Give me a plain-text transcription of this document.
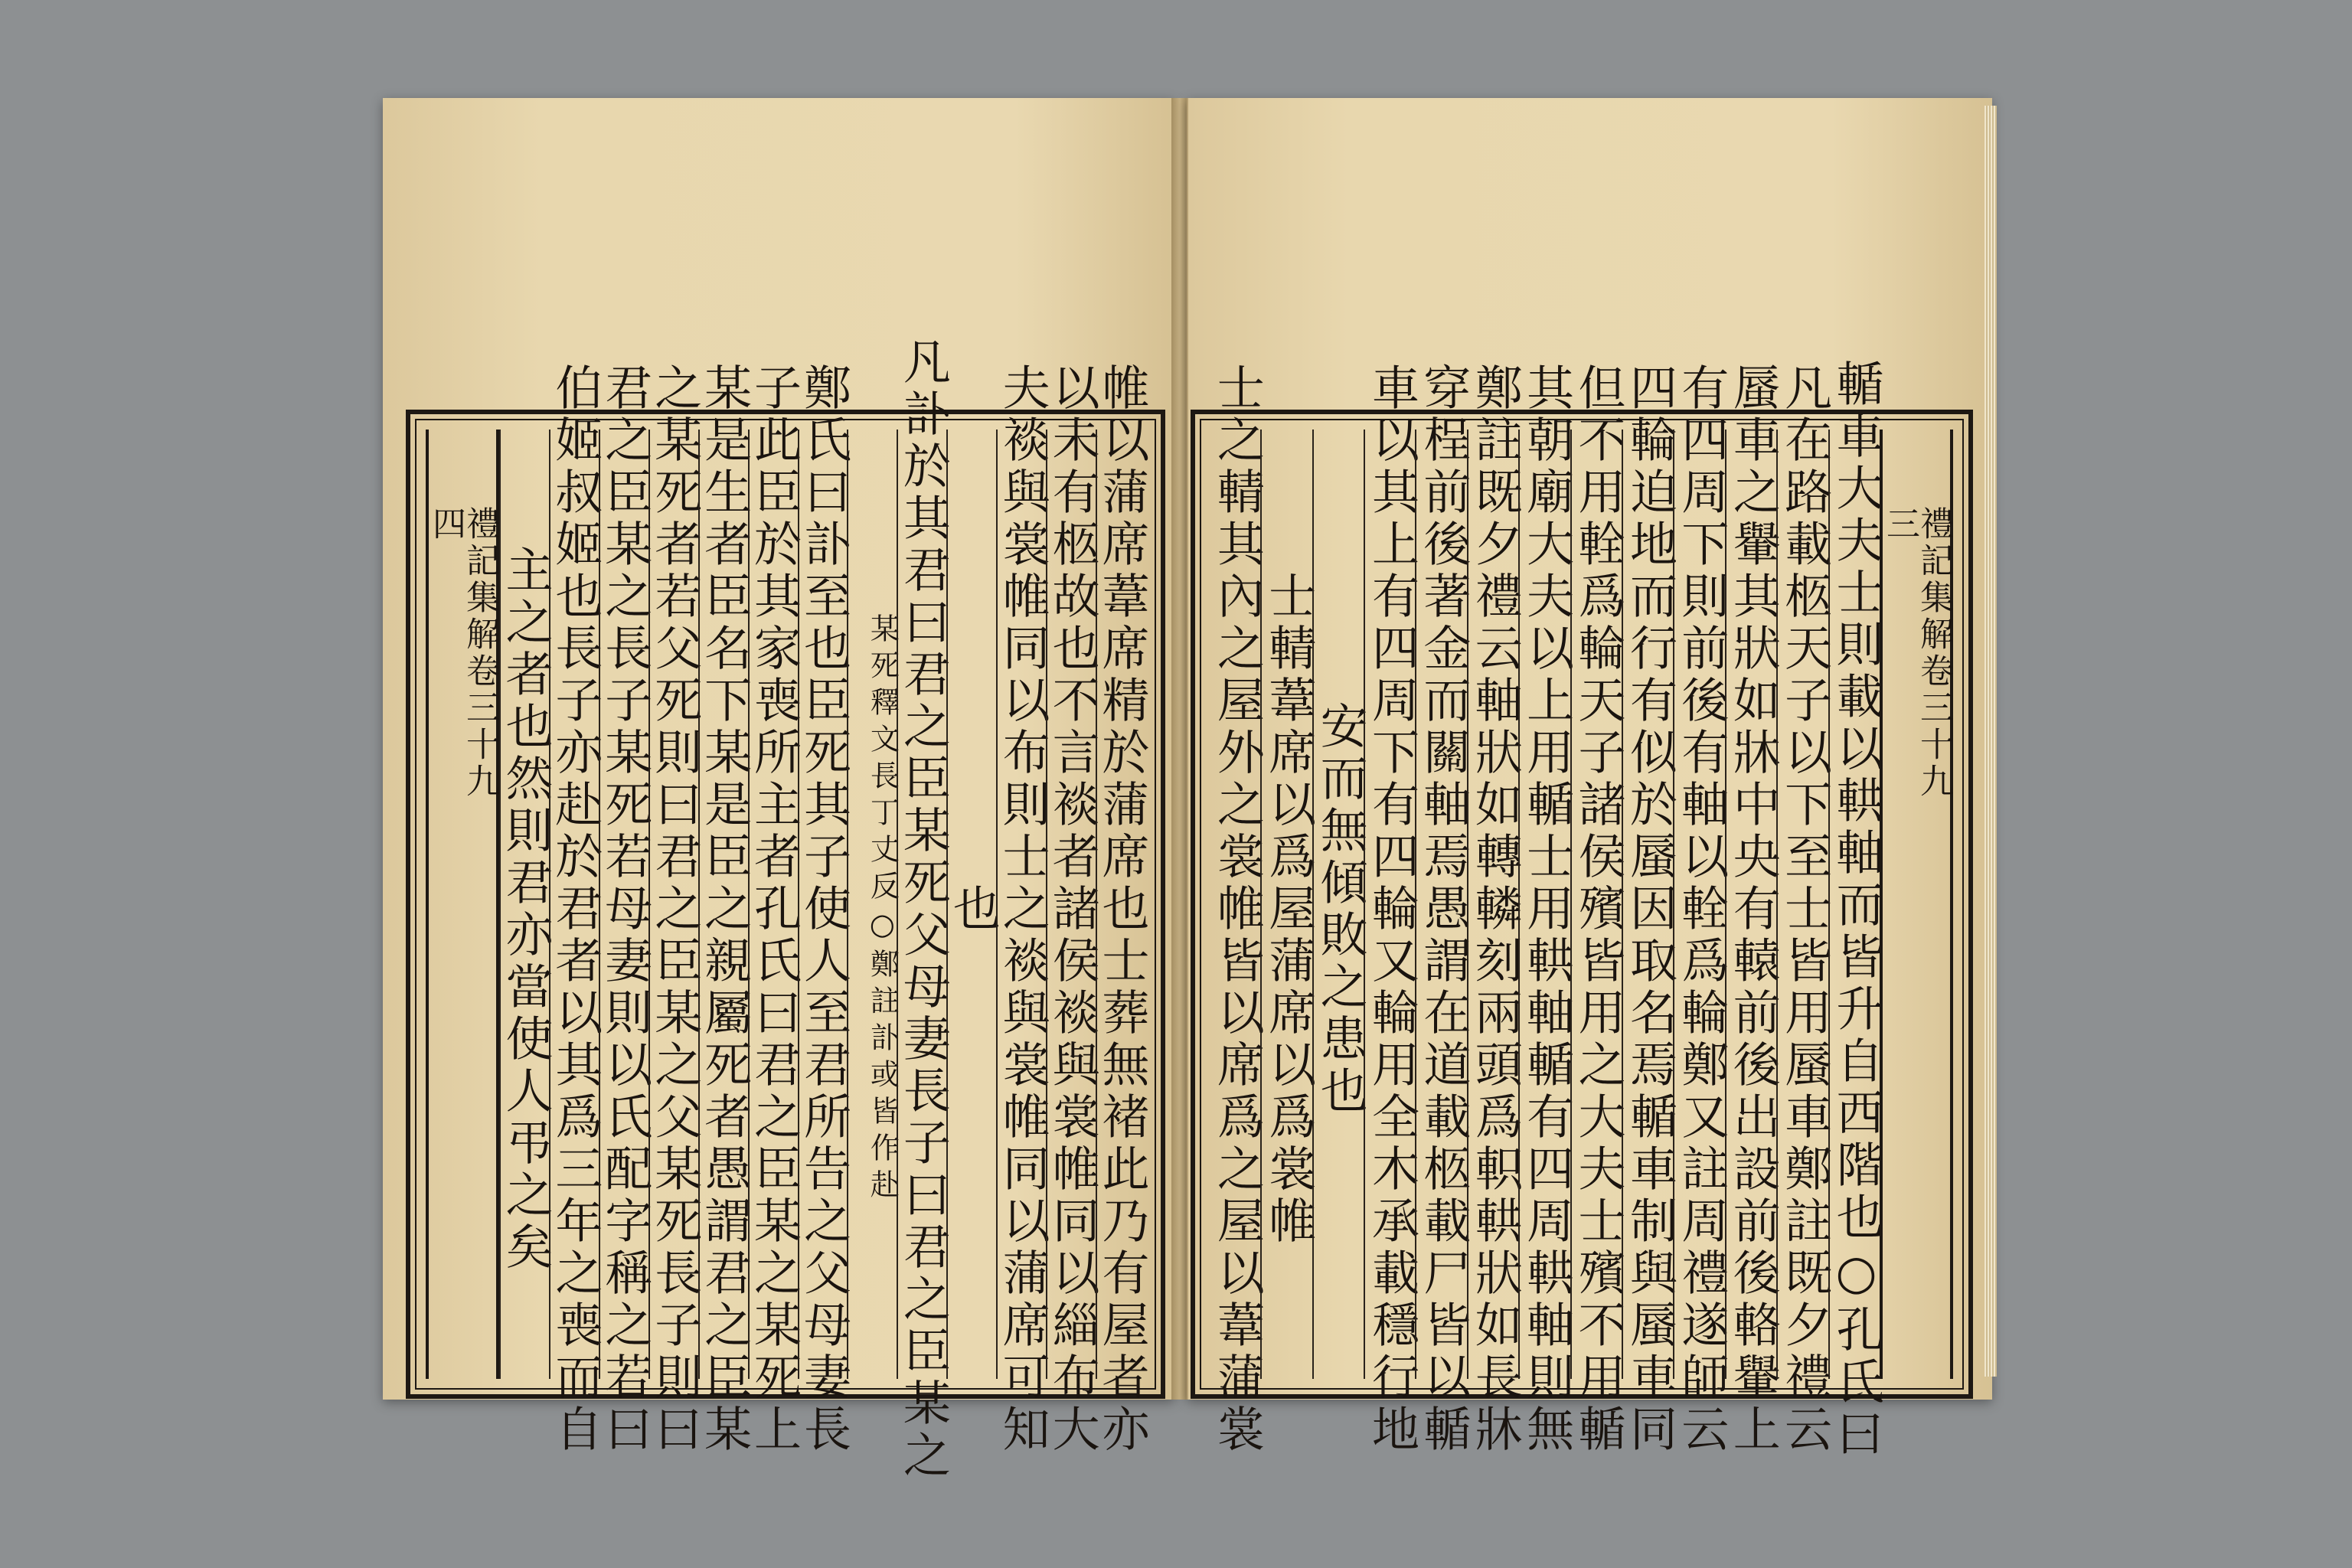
帷以蒲席葦席精於蒲席也士葬無褚此乃有屋者亦
以未有柩故也不言裧者諸侯裧與裳帷同以緇布大
夫裧與裳帷同以布則士之裧與裳帷同以蒲席可知
也
凡訃於其君曰君之臣某死父母妻長子曰君之臣某之
某死釋文長丁丈反○鄭註訃或皆作赴
鄭氏曰訃至也臣死其子使人至君所告之父母妻長
子此臣於其家喪所主者孔氏曰君之臣某之某死上
某是生者臣名下某是臣之親屬死者愚謂君之臣某
之某死者若父死則曰君之臣某之父某死長子則曰
君之臣某之長子某死若母妻則以氏配字稱之若曰
伯姬叔姬也長子亦赴於君者以其爲三年之喪而自
主之者也然則君亦當使人弔之矣
禮記集解卷三十九
四	禮記集解卷三十九
三
輴車大夫士則載以輁軸而皆升自西階也○孔氏曰
凡在路載柩天子以下至士皆用蜃車鄭註既夕禮云
蜃車之轝其狀如牀中央有轅前後出設前後輅轝上
有四周下則前後有軸以輇爲輪鄭又註周禮遂師云
四輪迫地而行有似於蜃因取名焉輴車制與蜃車同
但不用輇爲輪天子諸侯殯皆用之大夫士殯不用輴
其朝廟大夫以上用輴士用輁軸輴有四周輁軸則無
鄭註既夕禮云軸狀如轉轔刻兩頭爲軹輁狀如長牀
穿桯前後著金而關軸焉愚謂在道載柩載尸皆以輴
車以其上有四周下有四輪又輪用全木承載穩行地
安而無傾敗之患也
士輤葦席以爲屋蒲席以爲裳帷
士之輤其內之屋外之裳帷皆以席爲之屋以葦蒲裳
